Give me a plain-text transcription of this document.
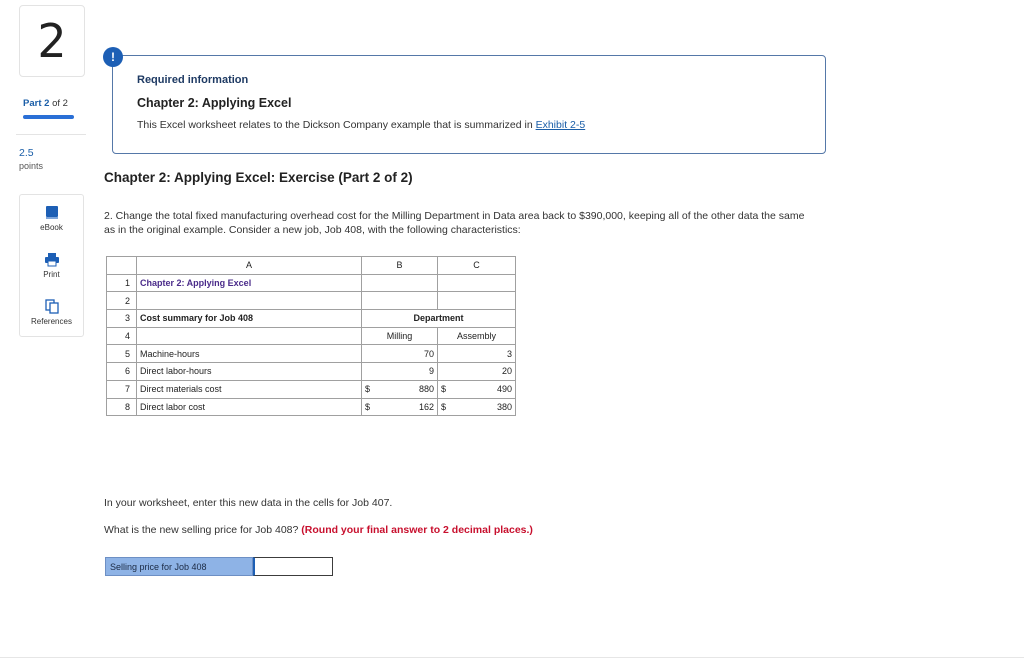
2
Part 2 of 2
2.5
points
eBook
Print
References
!
Required information
Chapter 2: Applying Excel
This Excel worksheet relates to the Dickson Company example that is summarized in Exhibit 2-5
Chapter 2: Applying Excel: Exercise (Part 2 of 2)
2. Change the total fixed manufacturing overhead cost for the Milling Department in Data area back to $390,000, keeping all of the other data the same as in the original example. Consider a new job, Job 408, with the following characteristics:
	A	B		C	
1	Chapter 2: Applying Excel				
2					
3	Cost summary for Job 408	Department			
4		Milling		Assembly	
5	Machine-hours	70		3	
6	Direct labor-hours	9		20	
7	Direct materials cost	$	880	$	490
8	Direct labor cost	$	162	$	380
In your worksheet, enter this new data in the cells for Job 407.
What is the new selling price for Job 408? (Round your final answer to 2 decimal places.)
Selling price for Job 408
